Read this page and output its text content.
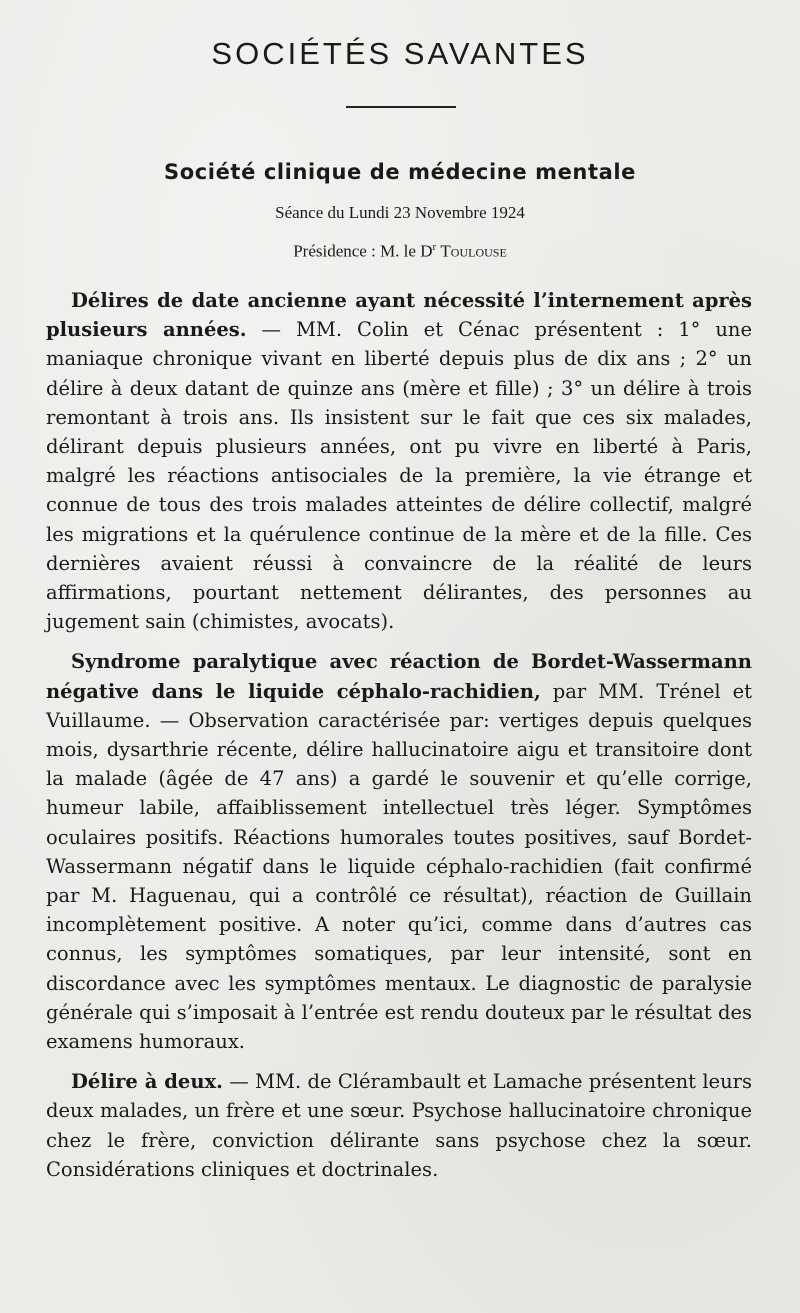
SOCIÉTÉS SAVANTES
Société clinique de médecine mentale
Séance du Lundi 23 Novembre 1924
Présidence : M. le $D^r$ Toulouse

Délires de date ancienne ayant nécessité l’internement après plusieurs années. — MM. Colin et Cénac présentent : 1° une maniaque chronique vivant en liberté depuis plus de dix ans ; 2° un délire à deux datant de quinze ans (mère et fille) ; 3° un délire à trois remontant à trois ans. Ils insistent sur le fait que ces six malades, délirant depuis plusieurs années, ont pu vivre en liberté à Paris, malgré les réactions antisociales de la première, la vie étrange et connue de tous des trois malades atteintes de délire collectif, malgré les migrations et la quérulence continue de la mère et de la fille. Ces dernières avaient réussi à convaincre de la réalité de leurs affirmations, pourtant nettement délirantes, des personnes au jugement sain (chimistes, avocats).

Syndrome paralytique avec réaction de Bordet-Wassermann négative dans le liquide céphalo-rachidien, par MM. Trénel et Vuillaume. — Observation caractérisée par: vertiges depuis quelques mois, dysarthrie récente, délire hallucinatoire aigu et transitoire dont la malade (âgée de 47 ans) a gardé le souvenir et qu’elle corrige, humeur labile, affaiblissement intellectuel très léger. Symptômes oculaires positifs. Réactions humorales toutes positives, sauf Bordet-Wassermann négatif dans le liquide céphalo-rachidien (fait confirmé par M. Haguenau, qui a contrôlé ce résultat), réaction de Guillain incomplètement positive. A noter qu’ici, comme dans d’autres cas connus, les symptômes somatiques, par leur intensité, sont en discordance avec les symptômes mentaux. Le diagnostic de paralysie générale qui s’imposait à l’entrée est rendu douteux par le résultat des examens humoraux.

Délire à deux. — MM. de Clérambault et Lamache présentent leurs deux malades, un frère et une sœur. Psychose hallucinatoire chronique chez le frère, conviction délirante sans psychose chez la sœur. Considérations cliniques et doctrinales.
